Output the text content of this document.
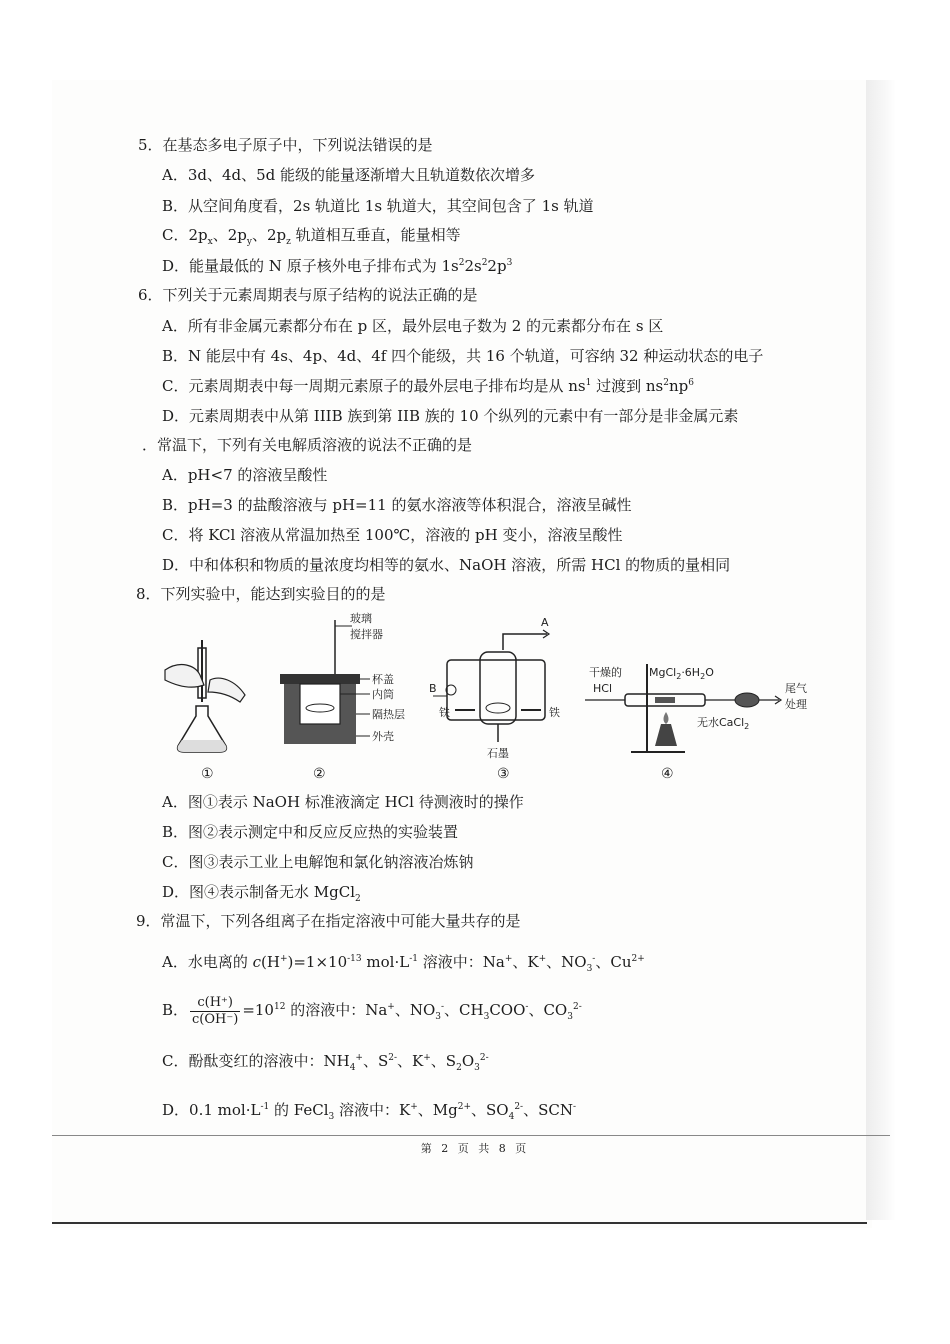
5．在基态多电子原子中，下列说法错误的是
A．3d、4d、5d 能级的能量逐渐增大且轨道数依次增多
B．从空间角度看，2s 轨道比 1s 轨道大，其空间包含了 1s 轨道
C．$2p_x$、$2p_y$、$2p_z$ 轨道相互垂直，能量相等
D．能量最低的 N 原子核外电子排布式为 $1s^22s^22p^3$
6．下列关于元素周期表与原子结构的说法正确的是
A．所有非金属元素都分布在 p 区，最外层电子数为 2 的元素都分布在 s 区
B．N 能层中有 4s、4p、4d、4f 四个能级，共 16 个轨道，可容纳 32 种运动状态的电子
C．元素周期表中每一周期元素原子的最外层电子排布均是从 $ns^1$ 过渡到 $ns^2np^6$
D．元素周期表中从第 IIIB 族到第 IIB 族的 10 个纵列的元素中有一部分是非金属元素
．常温下，下列有关电解质溶液的说法不正确的是
A．pH<7 的溶液呈酸性
B．pH=3 的盐酸溶液与 pH=11 的氨水溶液等体积混合，溶液呈碱性
C．将 KCl 溶液从常温加热至 100℃，溶液的 pH 变小，溶液呈酸性
D．中和体积和物质的量浓度均相等的氨水、NaOH 溶液，所需 HCl 的物质的量相同
8．下列实验中，能达到实验目的的是
玻璃
搅拌器
杯盖
内筒
隔热层
外壳
A
B
铁	铁
石墨
干燥的
HCl
$MgCl_2\cdot 6H_2O$
尾气
处理
无水CaCl$_2$
①	②	③	④
A．图①表示 NaOH 标准液滴定 HCl 待测液时的操作
B．图②表示测定中和反应反应热的实验装置
C．图③表示工业上电解饱和氯化钠溶液冶炼钠
D．图④表示制备无水 MgCl$_2$
9．常温下，下列各组离子在指定溶液中可能大量共存的是
A．水电离的 $c(H^+)=1\times 10^{-13}$ $mol\cdot L^{-1}$ 溶液中：Na+、K+、$NO_3^-$、$Cu^{2+}$
B． $\frac{c(H^+)}{c(OH^-)} =10^{12}$ 的溶液中：Na+、$NO_3^-$、$CH_3COO^-$、$CO_3^{2-}$
C．酚酞变红的溶液中：$NH_4^+$、$S^{2-}$、K+、$S_2O_3^{2-}$
D．0.1 $mol\cdot L^{-1}$ 的 FeCl$_3$ 溶液中：K+、$Mg^{2+}$、$SO_4^{2-}$、SCN-
第 2 页 共 8 页
